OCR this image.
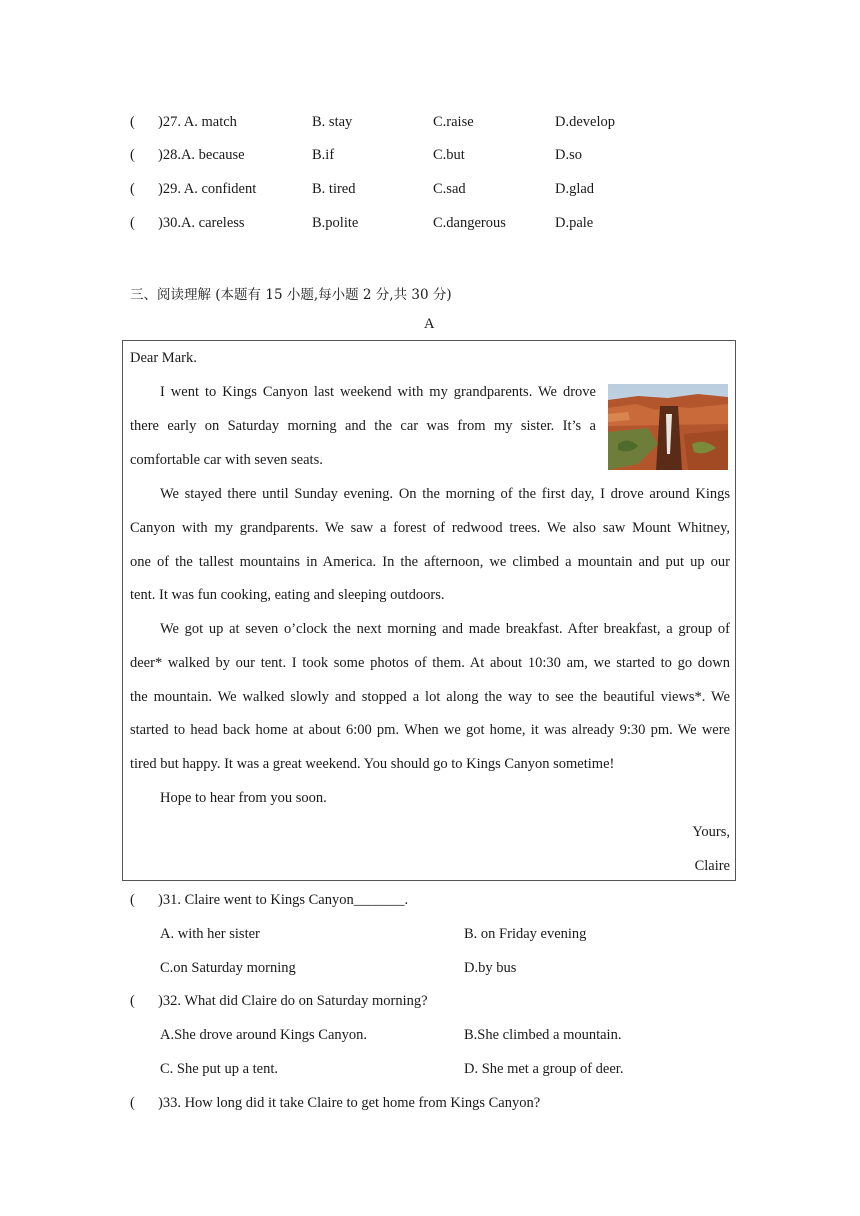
( )27. A. match	B. stay	C.raise	D.develop
( )28.A. because	B.if	C.but	D.so
( )29. A. confident	B. tired	C.sad	D.glad
( )30.A. careless	B.polite	C.dangerous	D.pale
三、阅读理解 (本题有 15 小题,每小题 2 分,共 30 分)
A
Dear Mark.
I went to Kings Canyon last weekend with my grandparents. We drove
there early on Saturday morning and the car was from my sister. It’s a
comfortable car with seven seats.
We stayed there until Sunday evening. On the morning of the first day, I drove around Kings
Canyon with my grandparents. We saw a forest of redwood trees. We also saw Mount Whitney,
one of the tallest mountains in America. In the afternoon, we climbed a mountain and put up our
tent. It was fun cooking, eating and sleeping outdoors.
We got up at seven o’clock the next morning and made breakfast. After breakfast, a group of
deer* walked by our tent. I took some photos of them. At about 10:30 am, we started to go down
the mountain. We walked slowly and stopped a lot along the way to see the beautiful views*. We
started to head back home at about 6:00 pm. When we got home, it was already 9:30 pm. We were
tired but happy. It was a great weekend. You should go to Kings Canyon sometime!
Hope to hear from you soon.
Yours,
Claire
( )31. Claire went to Kings Canyon_______.
A. with her sister	B. on Friday evening
C.on Saturday morning	D.by bus
( )32. What did Claire do on Saturday morning?
A.She drove around Kings Canyon.	B.She climbed a mountain.
C. She put up a tent.	D. She met a group of deer.
( )33. How long did it take Claire to get home from Kings Canyon?
